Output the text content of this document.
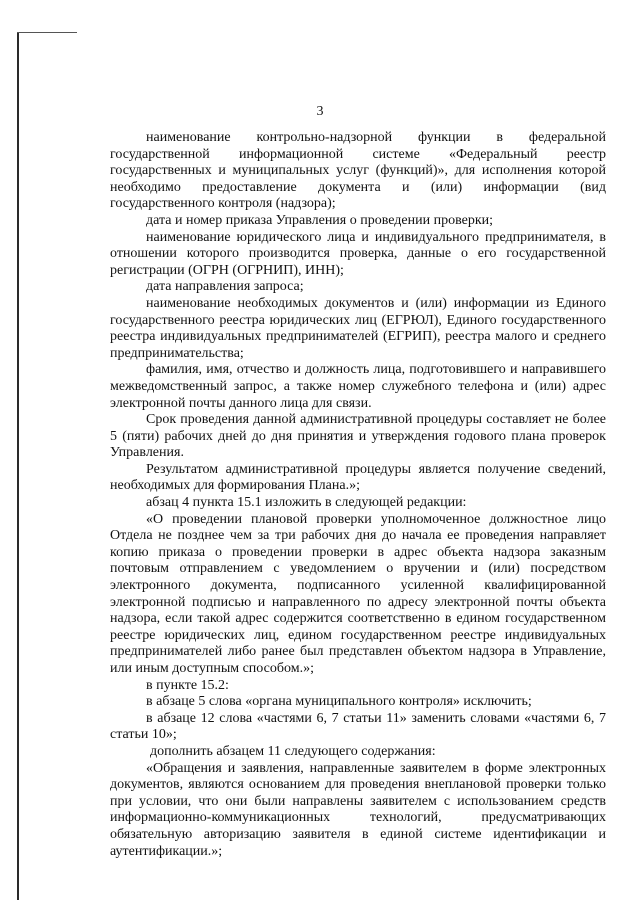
3

наименование контрольно-надзорной функции в федеральной государственной информационной системе «Федеральный реестр государственных и муниципальных услуг (функций)», для исполнения которой необходимо предоставление документа и (или) информации (вид государственного контроля (надзора);

дата и номер приказа Управления о проведении проверки;

наименование юридического лица и индивидуального предпринимателя, в отношении которого производится проверка, данные о его государственной регистрации (ОГРН (ОГРНИП), ИНН);

дата направления запроса;

наименование необходимых документов и (или) информации из Единого государственного реестра юридических лиц (ЕГРЮЛ), Единого государственного реестра индивидуальных предпринимателей (ЕГРИП), реестра малого и среднего предпринимательства;

фамилия, имя, отчество и должность лица, подготовившего и направившего межведомственный запрос, а также номер служебного телефона и (или) адрес электронной почты данного лица для связи.

Срок проведения данной административной процедуры составляет не более 5 (пяти) рабочих дней до дня принятия и утверждения годового плана проверок Управления.

Результатом административной процедуры является получение сведений, необходимых для формирования Плана.»;

абзац 4 пункта 15.1 изложить в следующей редакции:

«О проведении плановой проверки уполномоченное должностное лицо Отдела не позднее чем за три рабочих дня до начала ее проведения направляет копию приказа о проведении проверки в адрес объекта надзора заказным почтовым отправлением с уведомлением о вручении и (или) посредством электронного документа, подписанного усиленной квалифицированной электронной подписью и направленного по адресу электронной почты объекта надзора, если такой адрес содержится соответственно в едином государственном реестре юридических лиц, едином государственном реестре индивидуальных предпринимателей либо ранее был представлен объектом надзора в Управление, или иным доступным способом.»;

в пункте 15.2:

в абзаце 5 слова «органа муниципального контроля» исключить;

в абзаце 12 слова «частями 6, 7 статьи 11» заменить словами «частями 6, 7 статьи 10»;

дополнить абзацем 11 следующего содержания:

«Обращения и заявления, направленные заявителем в форме электронных документов, являются основанием для проведения внеплановой проверки только при условии, что они были направлены заявителем с использованием средств информационно-коммуникационных технологий, предусматривающих обязательную авторизацию заявителя в единой системе идентификации и аутентификации.»;
